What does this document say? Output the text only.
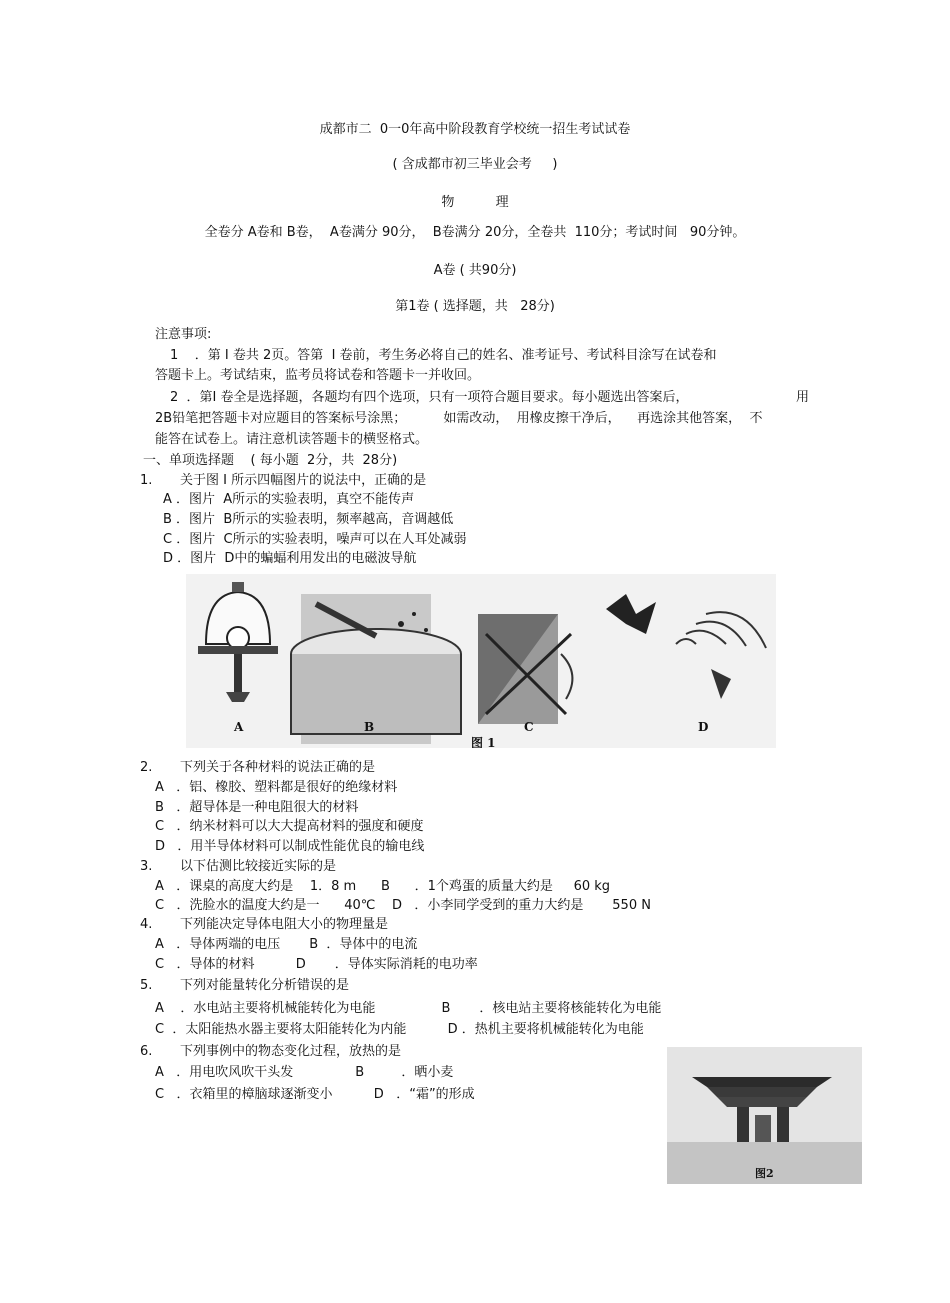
成都市二  0一0年高中阶段教育学校统一招生考试试卷
( 含成都市初三毕业会考     )
物          理
全卷分 A卷和 B卷，  A卷满分 90分，  B卷满分 20分，全卷共  110分；考试时间   90分钟。
A卷 ( 共90分)
第1卷 ( 选择题，共   28分)
注意事项:
1    ．第 Ⅰ 卷共 2页。答第  Ⅰ 卷前，考生务必将自己的姓名、准考证号、考试科目涂写在试卷和
答题卡上。考试结束，监考员将试卷和答题卡一并收回。
2  ．第Ⅰ 卷全是选择题，各题均有四个选项，只有一项符合题目要求。每小题选出答案后，	用
2B铅笔把答题卡对应题目的答案标号涂黑；         如需改动，  用橡皮擦干净后，    再选涂其他答案，  不
能答在试卷上。请注意机读答题卡的横竖格式。
一、单项选择题    ( 每小题  2分，共  28分)
1. 关于图 Ⅰ 所示四幅图片的说法中，正确的是
A ．图片  A所示的实验表明，真空不能传声
B ．图片  B所示的实验表明，频率越高，音调越低
C ．图片  C所示的实验表明，噪声可以在人耳处减弱
D ．图片  D中的蝙蝠利用发出的电磁波导航
A	B	C	D
图 1
2. 下列关于各种材料的说法正确的是
A   ．铝、橡胶、塑料都是很好的绝缘材料
B   ．超导体是一种电阻很大的材料
C   ．纳米材料可以大大提高材料的强度和硬度
D   ．用半导体材料可以制成性能优良的输电线
3. 以下估测比较接近实际的是
A   ．课桌的高度大约是    1．8 m      B      ．1个鸡蛋的质量大约是     60 kg
C   ．洗脸水的温度大约是一      40℃    D   ．小李同学受到的重力大约是       550 N
4. 下列能决定导体电阻大小的物理量是
A   ．导体两端的电压       B  ．导体中的电流
C   ．导体的材料          D       ．导体实际消耗的电功率
5. 下列对能量转化分析错误的是
A    ．水电站主要将机械能转化为电能                B       ．核电站主要将核能转化为电能
C  ．太阳能热水器主要将太阳能转化为内能          D ．热机主要将机械能转化为电能
6. 下列事例中的物态变化过程，放热的是
A   ．用电吹风吹干头发               B         ．晒小麦
C   ．衣箱里的樟脑球逐渐变小          D   ．“霜”的形成
图2
